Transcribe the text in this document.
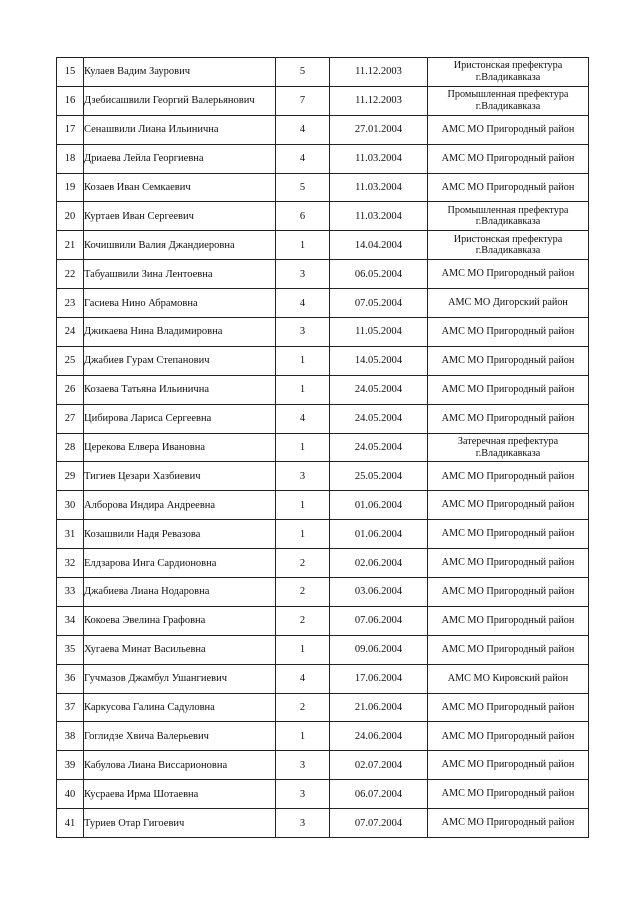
15	Кулаев Вадим Заурович	5	11.12.2003	Иристонская префектура г.Владикавказа
16	Дзебисашвили Георгий Валерьянович	7	11.12.2003	Промышленная префектура г.Владикавказа
17	Сенашвили Лиана Ильинична	4	27.01.2004	АМС МО Пригородный район
18	Дриаева Лейла Георгиевна	4	11.03.2004	АМС МО Пригородный район
19	Козаев Иван Семкаевич	5	11.03.2004	АМС МО Пригородный район
20	Куртаев Иван Сергеевич	6	11.03.2004	Промышленная префектура г.Владикавказа
21	Кочишвили Валия Джандиеровна	1	14.04.2004	Иристонская префектура г.Владикавказа
22	Табуашвили Зина Лентоевна	3	06.05.2004	АМС МО Пригородный район
23	Гасиева Нино Абрамовна	4	07.05.2004	АМС МО Дигорский район
24	Джикаева Нина Владимировна	3	11.05.2004	АМС МО Пригородный район
25	Джабиев Гурам Степанович	1	14.05.2004	АМС МО Пригородный район
26	Козаева Татьяна Ильинична	1	24.05.2004	АМС МО Пригородный район
27	Цибирова Лариса Сергеевна	4	24.05.2004	АМС МО Пригородный район
28	Церекова Елвера Ивановна	1	24.05.2004	Затеречная префектура г.Владикавказа
29	Тигиев Цезари Хазбиевич	3	25.05.2004	АМС МО Пригородный район
30	Алборова Индира Андреевна	1	01.06.2004	АМС МО Пригородный район
31	Козашвили Надя Ревазова	1	01.06.2004	АМС МО Пригородный район
32	Елдзарова Инга Сардионовна	2	02.06.2004	АМС МО Пригородный район
33	Джабиева Лиана Нодаровна	2	03.06.2004	АМС МО Пригородный район
34	Кокоева Эвелина Графовна	2	07.06.2004	АМС МО Пригородный район
35	Хугаева Минат Васильевна	1	09.06.2004	АМС МО Пригородный район
36	Гучмазов Джамбул Ушангиевич	4	17.06.2004	АМС МО Кировский район
37	Каркусова Галина Садуловна	2	21.06.2004	АМС МО Пригородный район
38	Гоглидзе Хвича Валерьевич	1	24.06.2004	АМС МО Пригородный район
39	Кабулова Лиана Виссарионовна	3	02.07.2004	АМС МО Пригородный район
40	Кусраева Ирма Шотаевна	3	06.07.2004	АМС МО Пригородный район
41	Туриев Отар Гигоевич	3	07.07.2004	АМС МО Пригородный район
